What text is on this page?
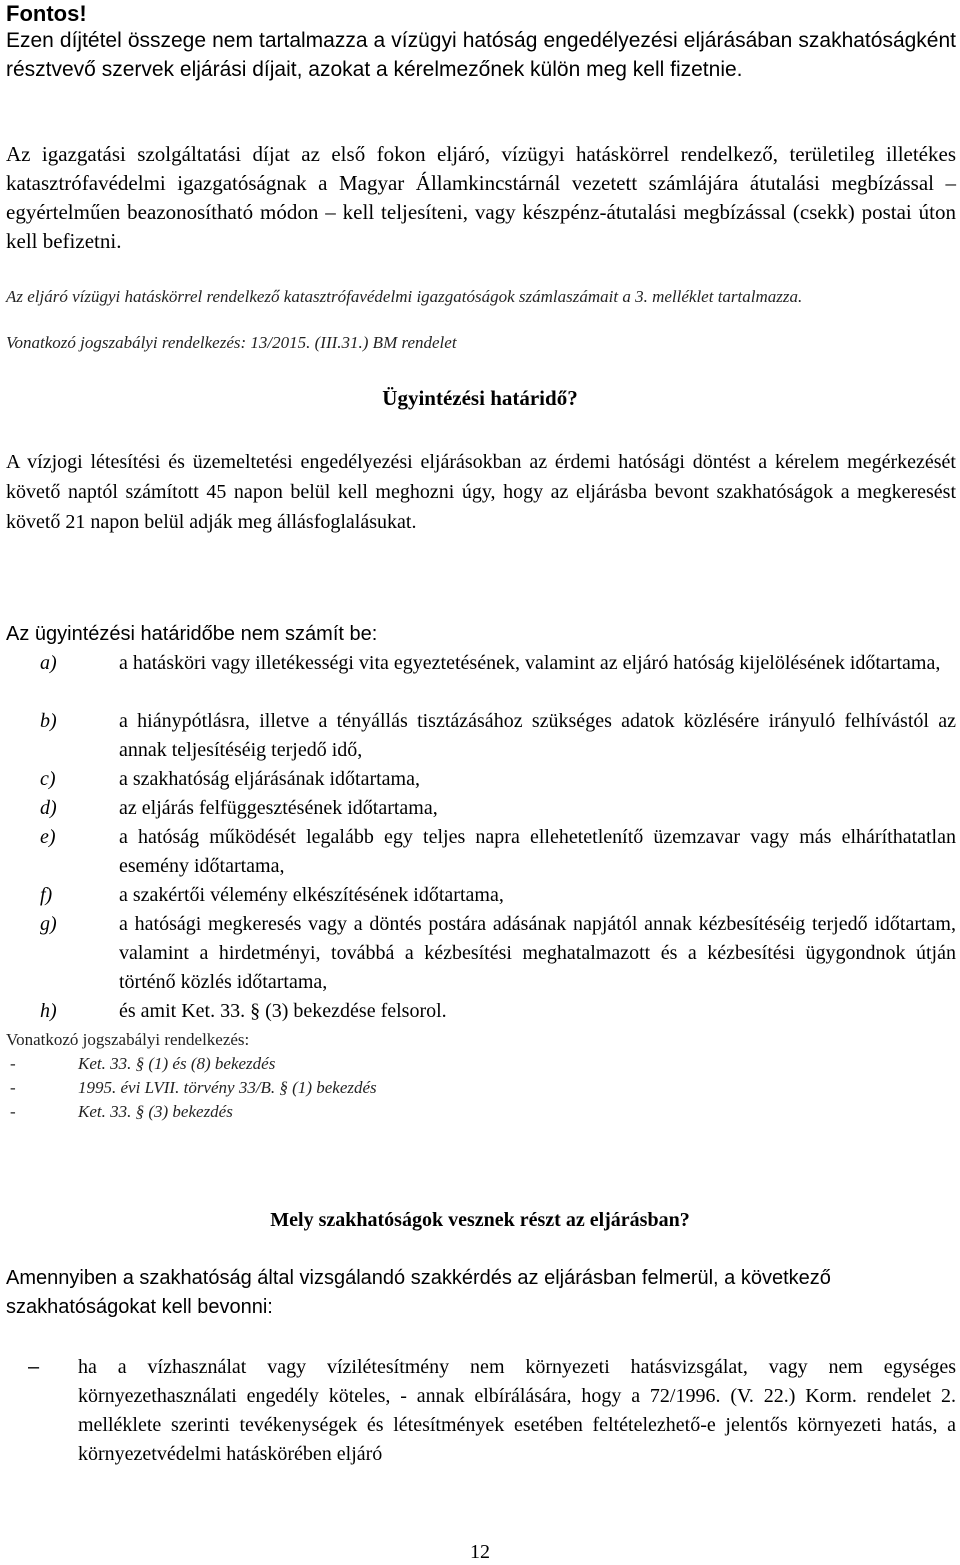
Fontos!
Ezen díjtétel összege nem tartalmazza a vízügyi hatóság engedélyezési eljárásában szakhatóságként résztvevő szervek eljárási díjait, azokat a kérelmezőnek külön meg kell fizetnie.
Az igazgatási szolgáltatási díjat az első fokon eljáró, vízügyi hatáskörrel rendelkező, területileg illetékes katasztrófavédelmi igazgatóságnak a Magyar Államkincstárnál vezetett számlájára átutalási megbízással – egyértelműen beazonosítható módon – kell teljesíteni, vagy készpénz-átutalási megbízással (csekk) postai úton kell befizetni.
Az eljáró vízügyi hatáskörrel rendelkező katasztrófavédelmi igazgatóságok számlaszámait a 3. melléklet tartalmazza.
Vonatkozó jogszabályi rendelkezés: 13/2015. (III.31.) BM rendelet
Ügyintézési határidő?
A vízjogi létesítési és üzemeltetési engedélyezési eljárásokban az érdemi hatósági döntést a kérelem megérkezését követő naptól számított 45 napon belül kell meghozni úgy, hogy az eljárásba bevont szakhatóságok a megkeresést követő 21 napon belül adják meg állásfoglalásukat.
Az ügyintézési határidőbe nem számít be:
a)	a hatásköri vagy illetékességi vita egyeztetésének, valamint az eljáró hatóság kijelölésének időtartama,
b)	a hiánypótlásra, illetve a tényállás tisztázásához szükséges adatok közlésére irányuló felhívástól az annak teljesítéséig terjedő idő,
c)	a szakhatóság eljárásának időtartama,
d)	az eljárás felfüggesztésének időtartama,
e)	a hatóság működését legalább egy teljes napra ellehetetlenítő üzemzavar vagy más elháríthatatlan esemény időtartama,
f)	a szakértői vélemény elkészítésének időtartama,
g)	a hatósági megkeresés vagy a döntés postára adásának napjától annak kézbesítéséig terjedő időtartam, valamint a hirdetményi, továbbá a kézbesítési meghatalmazott és a kézbesítési ügygondnok útján történő közlés időtartama,
h)	és amit Ket. 33. § (3) bekezdése felsorol.
Vonatkozó jogszabályi rendelkezés:
-	Ket. 33. § (1) és (8) bekezdés
-	1995. évi LVII. törvény 33/B. § (1) bekezdés
-	Ket. 33. § (3) bekezdés
Mely szakhatóságok vesznek részt az eljárásban?
Amennyiben a szakhatóság által vizsgálandó szakkérdés az eljárásban felmerül, a következő szakhatóságokat kell bevonni:
– ha a vízhasználat vagy vízilétesítmény nem környezeti hatásvizsgálat, vagy nem egységes környezethasználati engedély köteles, - annak elbírálására, hogy a 72/1996. (V. 22.) Korm. rendelet 2. melléklete szerinti tevékenységek és létesítmények esetében feltételezhető-e jelentős környezeti hatás, a környezetvédelmi hatáskörében eljáró
12
